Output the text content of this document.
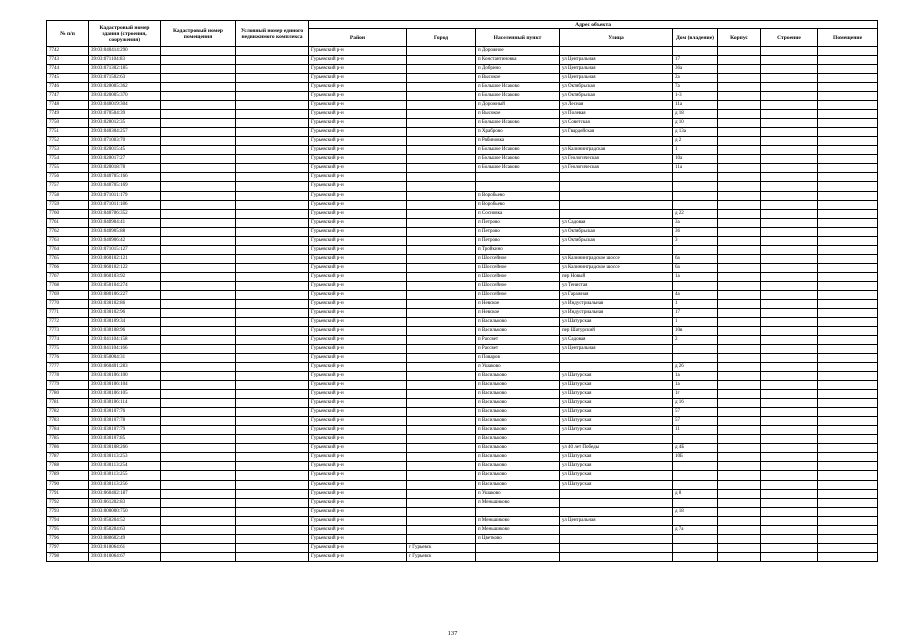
№ п/п	Кадастровый номер здания (строения, сооружения)	Кадастровый номер помещения	Условный номер единого недвижимого комплекса	Адрес объекта							
				Район	Город	Населенный пункт	Улица	Дом (владение)	Корпус	Строение	Помещение
7742	39:03:040414:290			Гурьевский р-н		п Дорожное					
7743	39:03:071104:83			Гурьевский р-н		п Константиновка	ул Центральная	17			
7744	39:03:071302:185			Гурьевский р-н		п Добрино	ул Центральная	36а			
7745	39:03:071502:63			Гурьевский р-н		п Высокое	ул Центральная	2а			
7746	39:03:020005:362			Гурьевский р-н		п Большое Исаково	ул Октябрьская	7а			
7747	39:03:020005:370			Гурьевский р-н		п Большое Исаково	ул Октябрьская	1-3			
7748	39:03:040019:304			Гурьевский р-н		п Дорожный	ул Лесная	11а			
7749	39:03:070504:39			Гурьевский р-н		п Высокое	ул Полевая	д 18			
7750	39:03:020012:35			Гурьевский р-н		п Большое Исаково	ул Советская	д 10			
7751	39:03:040304:257			Гурьевский р-н		п Храброво	ул Гвардейская	д 13а			
7752	39:03:071003:70			Гурьевский р-н		п Рябиновка		д 2			
7753	39:03:020015:45			Гурьевский р-н		п Большое Исаково	ул Калининградская	1			
7754	39:03:020017:27			Гурьевский р-н		п Большое Исаково	ул Геологическая	10а			
7755	39:03:020018:78			Гурьевский р-н		п Большое Исаково	ул Геологическая	11а			
7756	39:03:040705:166			Гурьевский р-н							
7757	39:03:040705:169			Гурьевский р-н							
7758	39:03:071011:179			Гурьевский р-н		п Воробьево					
7759	39:03:071011:186			Гурьевский р-н		п Воробьево					
7760	39:03:040706:352			Гурьевский р-н		п Сосновка		д 22			
7761	39:03:040904:41			Гурьевский р-н		п Петрово	ул Садовая	3а			
7762	39:03:040905:88			Гурьевский р-н		п Петрово	ул Октябрьская	36			
7763	39:03:040906:42			Гурьевский р-н		п Петрово	ул Октябрьская	3			
7764	39:03:071015:127			Гурьевский р-н		п Тройкино					
7765	39:03:060102:121			Гурьевский р-н		п Шоссейное	ул Калининградское шоссе	6а			
7766	39:03:060102:122			Гурьевский р-н		п Шоссейное	ул Калининградское шоссе	6а			
7767	39:03:060103:92			Гурьевский р-н		п Шоссейное	пер Новый	1а			
7768	39:03:050104:274			Гурьевский р-н		п Шоссейное	ул Тенистая				
7769	39:03:080106:227			Гурьевский р-н		п Шоссейное	ул Гаражная	4а			
7770	39:03:030102:86			Гурьевский р-н		п Невское	ул Индустриальная	1			
7771	39:03:030102:96			Гурьевский р-н		п Невское	ул Индустриальная	17			
7772	39:03:030109:34			Гурьевский р-н		п Васильково	ул Шатурская	1			
7773	39:03:030108:96			Гурьевский р-н		п Васильково	пер Шатурский	10в			
7774	39:03:041104:158			Гурьевский р-н		п Рассвет	ул Садовая	2			
7775	39:03:041104:166			Гурьевский р-н		п Рассвет	ул Центральная				
7776	39:03:050004:31			Гурьевский р-н		п Поваров					
7777	39:03:060401:283			Гурьевский р-н		п Ушаково		д 26			
7778	39:03:030106:100			Гурьевский р-н		п Васильково	ул Шатурская	1а			
7779	39:03:030106:104			Гурьевский р-н		п Васильково	ул Шатурская	1а			
7780	39:03:030106:105			Гурьевский р-н		п Васильково	ул Шатурская	1г			
7781	39:03:030106:114			Гурьевский р-н		п Васильково	ул Шатурская	д 16			
7782	39:03:030107:76			Гурьевский р-н		п Васильково	ул Шатурская	57			
7783	39:03:030107:78			Гурьевский р-н		п Васильково	ул Шатурская	57			
7784	39:03:030107:79			Гурьевский р-н		п Васильково	ул Шатурская	11			
7785	39:03:030107:85			Гурьевский р-н		п Васильково					
7786	39:03:030108:266			Гурьевский р-н		п Васильково	ул 40 лет Победы	д 4Б			
7787	39:03:030113:253			Гурьевский р-н		п Васильково	ул Шатурская	10Б			
7788	39:03:030113:254			Гурьевский р-н		п Васильково	ул Шатурская				
7789	39:03:030113:255			Гурьевский р-н		п Васильково	ул Шатурская				
7790	39:03:030113:256			Гурьевский р-н		п Васильково	ул Шатурская				
7791	39:03:060402:187			Гурьевский р-н		п Ушаково		д 8			
7792	39:03:061202:83			Гурьевский р-н		п Меньшиково					
7793	39:03:000000:750			Гурьевский р-н				д 18			
7794	39:03:050204:52			Гурьевский р-н		п Меньшиково	ул Центральная				
7795	39:03:050204:63			Гурьевский р-н		п Меньшиково		д 7а			
7796	39:03:080602:49			Гурьевский р-н		п Цветково					
7797	39:03:010064:61			Гурьевский р-н	г Гурьевск						
7798	39:03:010064:67			Гурьевский р-н	г Гурьевск						
137
